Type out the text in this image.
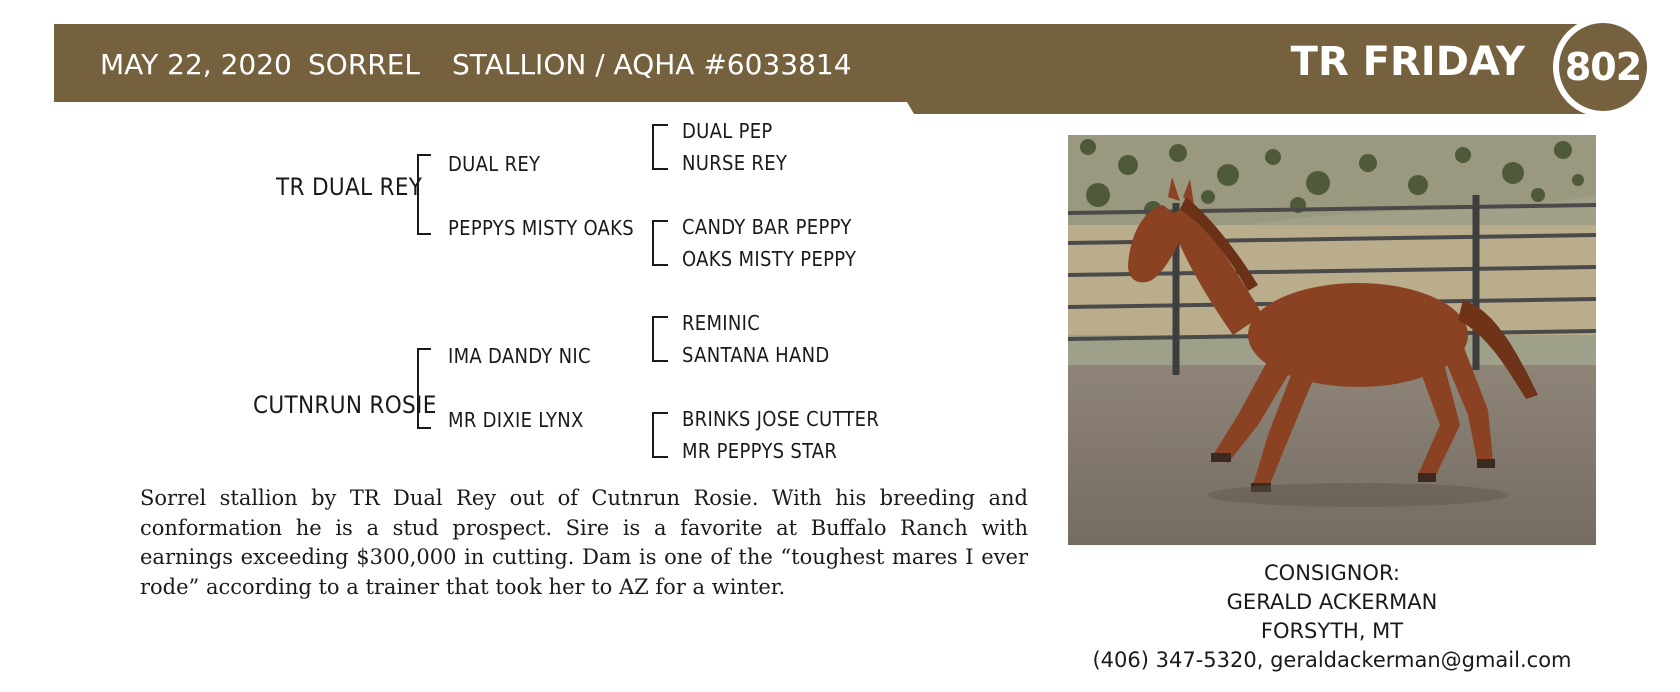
MAY 22, 2020 SORREL STALLION / AQHA #6033814	TR FRIDAY 802
TR DUAL REY
DUAL REY
PEPPYS MISTY OAKS
DUAL PEP
NURSE REY
CANDY BAR PEPPY
OAKS MISTY PEPPY
CUTNRUN ROSIE
IMA DANDY NIC
MR DIXIE LYNX
REMINIC
SANTANA HAND
BRINKS JOSE CUTTER
MR PEPPYS STAR

Sorrel stallion by TR Dual Rey out of Cutnrun Rosie. With his breeding and conformation he is a stud prospect. Sire is a favorite at Buffalo Ranch with earnings exceeding $300,000 in cutting. Dam is one of the “toughest mares I ever rode” according to a trainer that took her to AZ for a winter.

CONSIGNOR:
GERALD ACKERMAN
FORSYTH, MT
(406) 347-5320, geraldackerman@gmail.com
